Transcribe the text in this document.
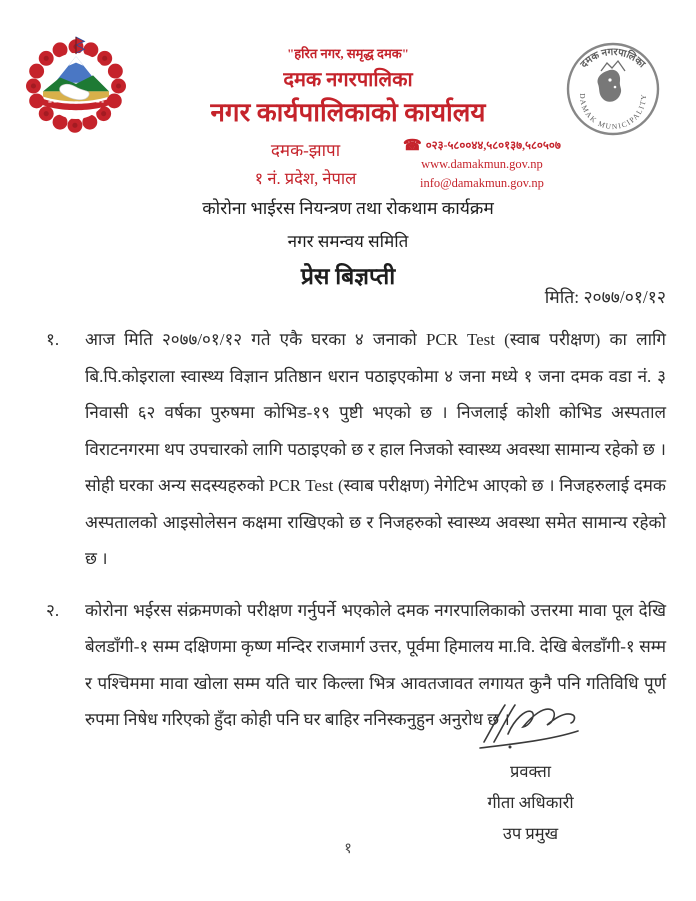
दमक नगरपालिका
DAMAK MUNICIPALITY
"हरित नगर, समृद्ध दमक"
दमक नगरपालिका
नगर कार्यपालिकाको कार्यालय
दमक-झापा
१ नं. प्रदेश, नेपाल
☎ ०२३-५८००४४,५८०१३७,५८०५०७
www.damakmun.gov.np
info@damakmun.gov.np
कोरोना भाईरस नियन्त्रण तथा रोकथाम कार्यक्रम
नगर समन्वय समिति
प्रेस बिज्ञप्ती
मिति: २०७७/०१/१२
१.	आज मिति २०७७/०१/१२ गते एकै घरका ४ जनाको PCR Test (स्वाब परीक्षण) का लागि बि.पि.कोइराला स्वास्थ्य विज्ञान प्रतिष्ठान धरान पठाइएकोमा ४ जना मध्ये १ जना दमक वडा नं. ३ निवासी ६२ वर्षका पुरुषमा कोभिड-१९ पुष्टी भएको छ । निजलाई कोशी कोभिड अस्पताल विराटनगरमा थप उपचारको लागि पठाइएको छ र हाल निजको स्वास्थ्य अवस्था सामान्य रहेको छ । सोही घरका अन्य सदस्यहरुको PCR Test (स्वाब परीक्षण) नेगेटिभ आएको छ । निजहरुलाई दमक अस्पतालको आइसोलेसन कक्षमा राखिएको छ र निजहरुको स्वास्थ्य अवस्था समेत सामान्य रहेको छ ।
२.	कोरोना भईरस संक्रमणको परीक्षण गर्नुपर्ने भएकोले दमक नगरपालिकाको उत्तरमा मावा पूल देखि बेलडाँगी-१ सम्म दक्षिणमा कृष्ण मन्दिर राजमार्ग उत्तर, पूर्वमा हिमालय मा.वि. देखि बेलडाँगी-१ सम्म र पश्चिममा मावा खोला सम्म यति चार किल्ला भित्र आवतजावत लगायत कुनै पनि गतिविधि पूर्ण रुपमा निषेध गरिएको हुँदा कोही पनि घर बाहिर ननिस्कनुहुन अनुरोध छ ।
प्रवक्ता
गीता अधिकारी
उप प्रमुख
१
